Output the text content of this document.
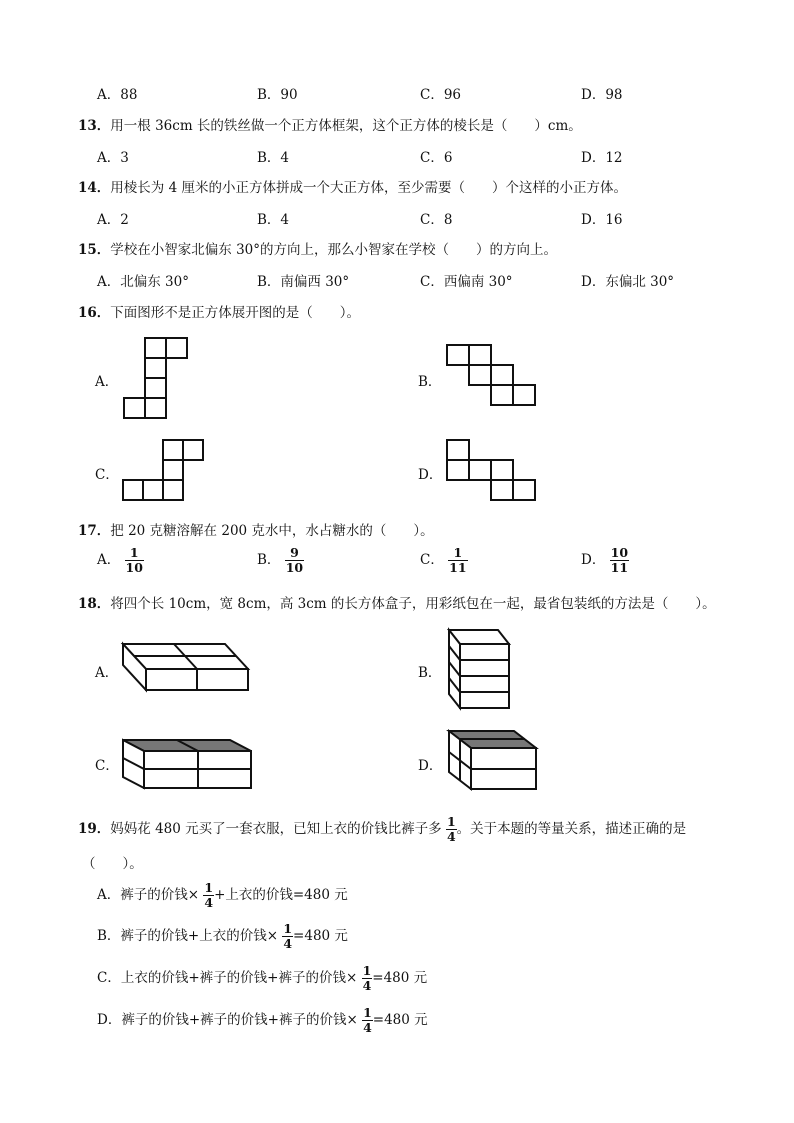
A．88	B．90	C．96	D．98
13．用一根 36cm 长的铁丝做一个正方体框架，这个正方体的棱长是（　　）cm。
A．3	B．4	C．6	D．12
14．用棱长为 4 厘米的小正方体拼成一个大正方体，至少需要（　　）个这样的小正方体。
A．2	B．4	C．8	D．16
15．学校在小智家北偏东 30°的方向上，那么小智家在学校（　　）的方向上。
A．北偏东 30°	B．南偏西 30°	C．西偏南 30°	D．东偏北 30°
16．下面图形不是正方体展开图的是（　　）。
A．	B．
C．	D．
17．把 20 克糖溶解在 200 克水中，水占糖水的（　　）。
A． $\frac{1}{10}$	B． $\frac{9}{10}$	C． $\frac{1}{11}$	D． $\frac{10}{11}$
18．将四个长 10cm，宽 8cm，高 3cm 的长方体盒子，用彩纸包在一起，最省包装纸的方法是（　　）。
A．	B．
C．	D．
19．妈妈花 480 元买了一套衣服，已知上衣的价钱比裤子多 $\frac{1}{4}$ 。关于本题的等量关系，描述正确的是
（　　）。
A．裤子的价钱× $\frac{1}{4}$ +上衣的价钱=480 元
B．裤子的价钱+上衣的价钱× $\frac{1}{4} =480$ 元
C．上衣的价钱+裤子的价钱+裤子的价钱× $\frac{1}{4} =480$ 元
D．裤子的价钱+裤子的价钱+裤子的价钱× $\frac{1}{4} =480$ 元
